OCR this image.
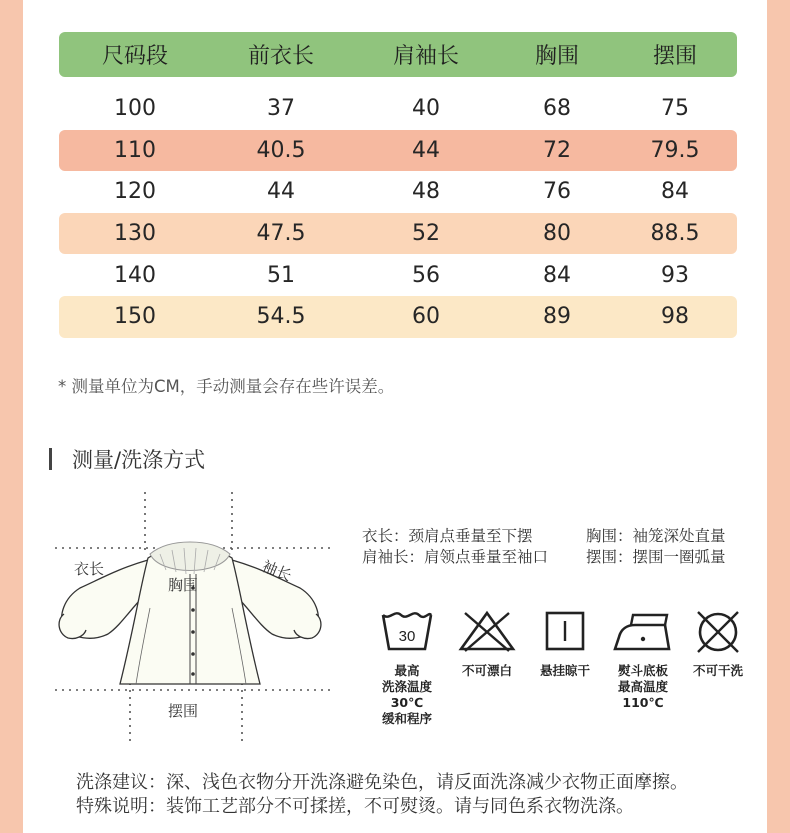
尺码段	前衣长	肩袖长	胸围	摆围
100	37	40	68	75
110	40.5	44	72	79.5
120	44	48	76	84
130	47.5	52	80	88.5
140	51	56	84	93
150	54.5	60	89	98
* 测量单位为CM，手动测量会存在些许误差。
测量/洗涤方式
衣长
胸围
袖长
摆围
衣长：颈肩点垂量至下摆	胸围：袖笼深处直量
肩袖长：肩领点垂量至袖口 摆围：摆围一圈弧量
30
最高
洗涤温度30℃
缓和程序
不可漂白	悬挂晾干	熨斗底板
最高温度110℃
不可干洗
洗涤建议：深、浅色衣物分开洗涤避免染色，请反面洗涤减少衣物正面摩擦。
特殊说明：装饰工艺部分不可揉搓，不可熨烫。请与同色系衣物洗涤。
